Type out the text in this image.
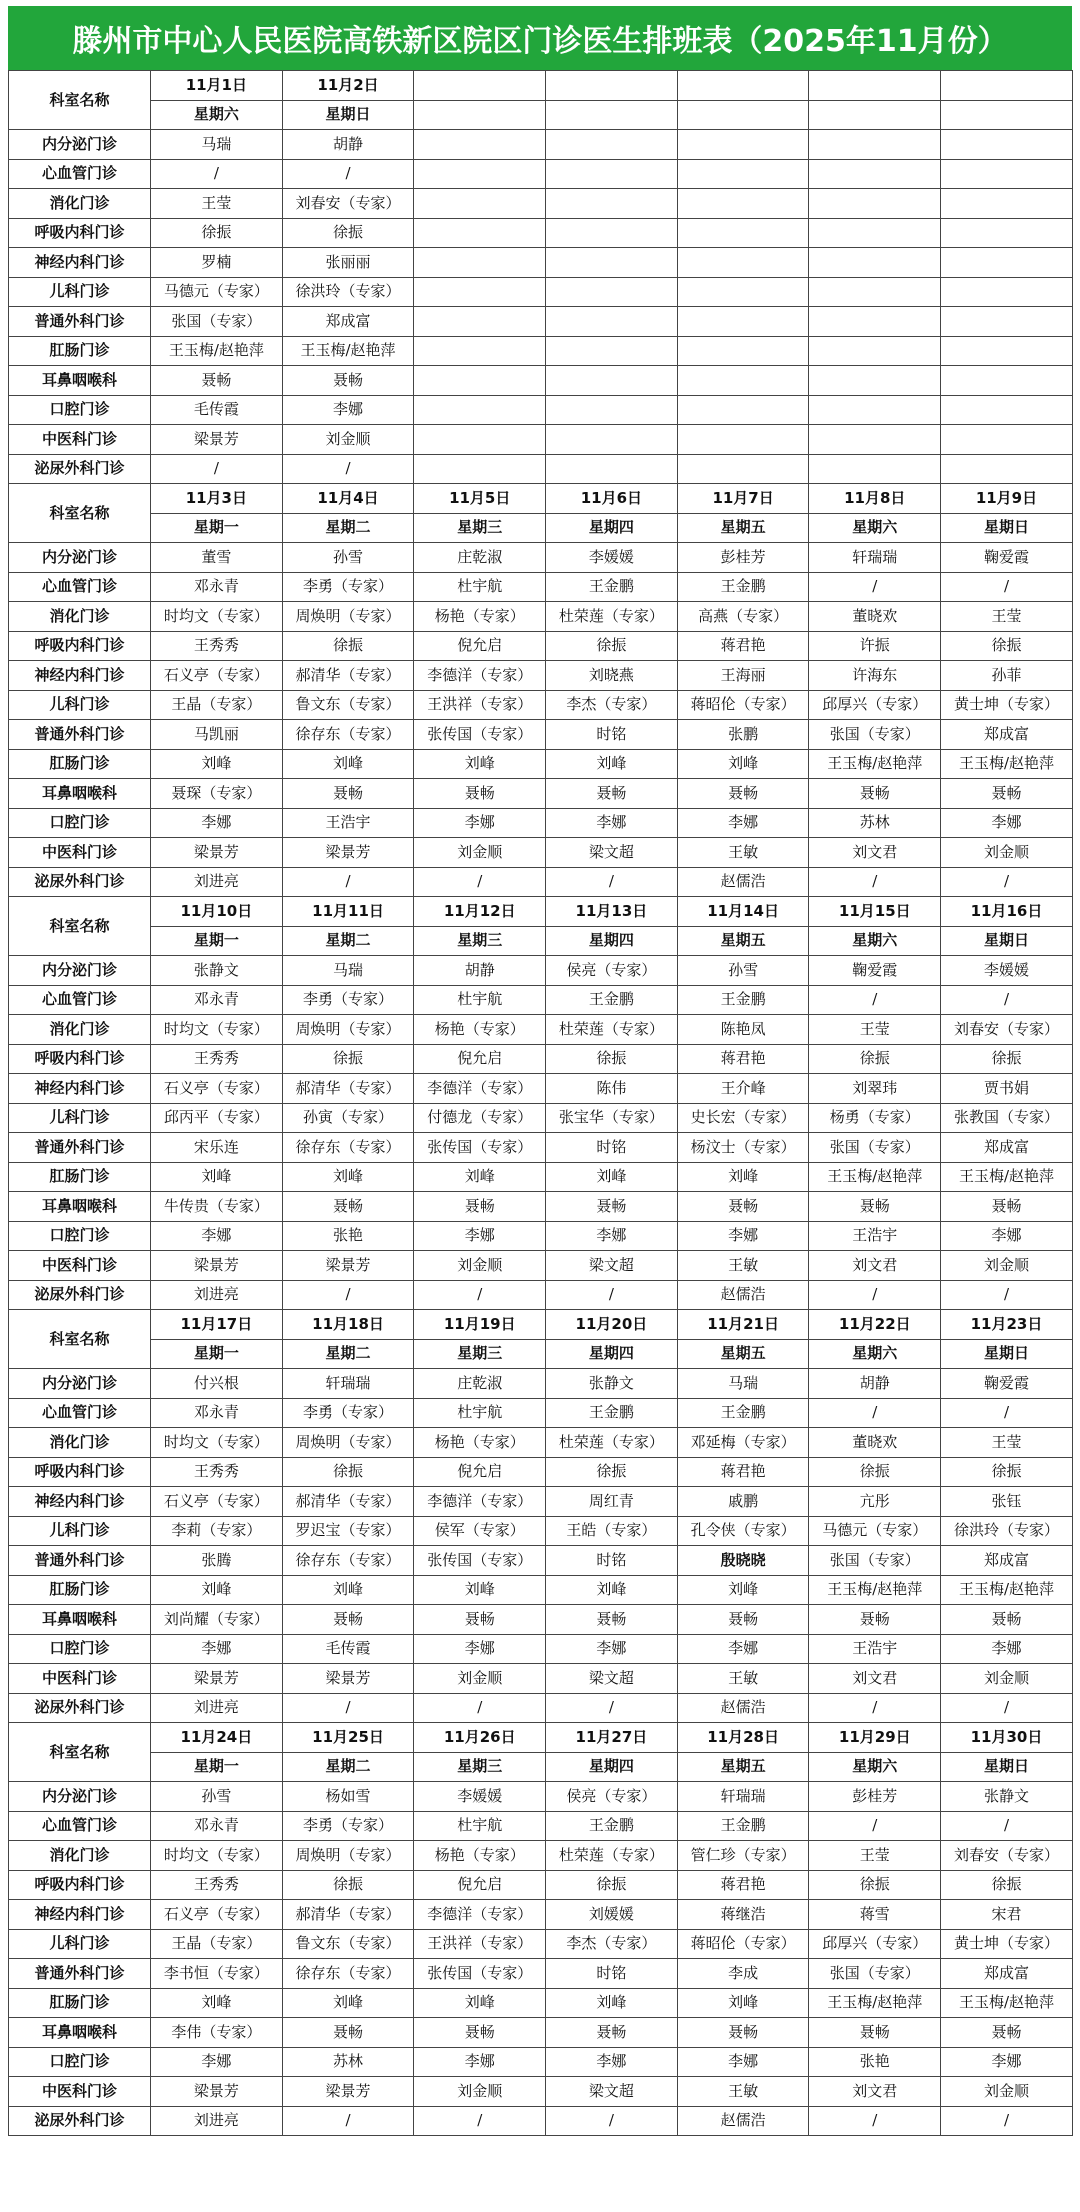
滕州市中心人民医院高铁新区院区门诊医生排班表（2025年11月份）
科室名称	11月1日	11月2日					
	星期六	星期日					
内分泌门诊	马瑞	胡静					
心血管门诊	/	/					
消化门诊	王莹	刘春安（专家）					
呼吸内科门诊	徐振	徐振					
神经内科门诊	罗楠	张丽丽					
儿科门诊	马德元（专家）	徐洪玲（专家）					
普通外科门诊	张国（专家）	郑成富					
肛肠门诊	王玉梅/赵艳萍	王玉梅/赵艳萍					
耳鼻咽喉科	聂畅	聂畅					
口腔门诊	毛传霞	李娜					
中医科门诊	梁景芳	刘金顺					
泌尿外科门诊	/	/					
科室名称	11月3日	11月4日	11月5日	11月6日	11月7日	11月8日	11月9日
	星期一	星期二	星期三	星期四	星期五	星期六	星期日
内分泌门诊	董雪	孙雪	庄乾淑	李媛媛	彭桂芳	轩瑞瑞	鞠爱霞
心血管门诊	邓永青	李勇（专家）	杜宇航	王金鹏	王金鹏	/	/
消化门诊	时均文（专家）	周焕明（专家）	杨艳（专家）	杜荣莲（专家）	高燕（专家）	董晓欢	王莹
呼吸内科门诊	王秀秀	徐振	倪允启	徐振	蒋君艳	许振	徐振
神经内科门诊	石义亭（专家）	郝清华（专家）	李德洋（专家）	刘晓燕	王海丽	许海东	孙菲
儿科门诊	王晶（专家）	鲁文东（专家）	王洪祥（专家）	李杰（专家）	蒋昭伦（专家）	邱厚兴（专家）	黄士坤（专家）
普通外科门诊	马凯丽	徐存东（专家）	张传国（专家）	时铭	张鹏	张国（专家）	郑成富
肛肠门诊	刘峰	刘峰	刘峰	刘峰	刘峰	王玉梅/赵艳萍	王玉梅/赵艳萍
耳鼻咽喉科	聂琛（专家）	聂畅	聂畅	聂畅	聂畅	聂畅	聂畅
口腔门诊	李娜	王浩宇	李娜	李娜	李娜	苏林	李娜
中医科门诊	梁景芳	梁景芳	刘金顺	梁文超	王敏	刘文君	刘金顺
泌尿外科门诊	刘进亮	/	/	/	赵儒浩	/	/
科室名称	11月10日	11月11日	11月12日	11月13日	11月14日	11月15日	11月16日
	星期一	星期二	星期三	星期四	星期五	星期六	星期日
内分泌门诊	张静文	马瑞	胡静	侯亮（专家）	孙雪	鞠爱霞	李媛媛
心血管门诊	邓永青	李勇（专家）	杜宇航	王金鹏	王金鹏	/	/
消化门诊	时均文（专家）	周焕明（专家）	杨艳（专家）	杜荣莲（专家）	陈艳凤	王莹	刘春安（专家）
呼吸内科门诊	王秀秀	徐振	倪允启	徐振	蒋君艳	徐振	徐振
神经内科门诊	石义亭（专家）	郝清华（专家）	李德洋（专家）	陈伟	王介峰	刘翠玮	贾书娟
儿科门诊	邱丙平（专家）	孙寅（专家）	付德龙（专家）	张宝华（专家）	史长宏（专家）	杨勇（专家）	张教国（专家）
普通外科门诊	宋乐连	徐存东（专家）	张传国（专家）	时铭	杨汶士（专家）	张国（专家）	郑成富
肛肠门诊	刘峰	刘峰	刘峰	刘峰	刘峰	王玉梅/赵艳萍	王玉梅/赵艳萍
耳鼻咽喉科	牛传贵（专家）	聂畅	聂畅	聂畅	聂畅	聂畅	聂畅
口腔门诊	李娜	张艳	李娜	李娜	李娜	王浩宇	李娜
中医科门诊	梁景芳	梁景芳	刘金顺	梁文超	王敏	刘文君	刘金顺
泌尿外科门诊	刘进亮	/	/	/	赵儒浩	/	/
科室名称	11月17日	11月18日	11月19日	11月20日	11月21日	11月22日	11月23日
	星期一	星期二	星期三	星期四	星期五	星期六	星期日
内分泌门诊	付兴根	轩瑞瑞	庄乾淑	张静文	马瑞	胡静	鞠爱霞
心血管门诊	邓永青	李勇（专家）	杜宇航	王金鹏	王金鹏	/	/
消化门诊	时均文（专家）	周焕明（专家）	杨艳（专家）	杜荣莲（专家）	邓延梅（专家）	董晓欢	王莹
呼吸内科门诊	王秀秀	徐振	倪允启	徐振	蒋君艳	徐振	徐振
神经内科门诊	石义亭（专家）	郝清华（专家）	李德洋（专家）	周红青	戚鹏	亢彤	张钰
儿科门诊	李莉（专家）	罗迟宝（专家）	侯军（专家）	王皓（专家）	孔令侠（专家）	马德元（专家）	徐洪玲（专家）
普通外科门诊	张腾	徐存东（专家）	张传国（专家）	时铭	殷晓晓	张国（专家）	郑成富
肛肠门诊	刘峰	刘峰	刘峰	刘峰	刘峰	王玉梅/赵艳萍	王玉梅/赵艳萍
耳鼻咽喉科	刘尚耀（专家）	聂畅	聂畅	聂畅	聂畅	聂畅	聂畅
口腔门诊	李娜	毛传霞	李娜	李娜	李娜	王浩宇	李娜
中医科门诊	梁景芳	梁景芳	刘金顺	梁文超	王敏	刘文君	刘金顺
泌尿外科门诊	刘进亮	/	/	/	赵儒浩	/	/
科室名称	11月24日	11月25日	11月26日	11月27日	11月28日	11月29日	11月30日
	星期一	星期二	星期三	星期四	星期五	星期六	星期日
内分泌门诊	孙雪	杨如雪	李媛媛	侯亮（专家）	轩瑞瑞	彭桂芳	张静文
心血管门诊	邓永青	李勇（专家）	杜宇航	王金鹏	王金鹏	/	/
消化门诊	时均文（专家）	周焕明（专家）	杨艳（专家）	杜荣莲（专家）	管仁珍（专家）	王莹	刘春安（专家）
呼吸内科门诊	王秀秀	徐振	倪允启	徐振	蒋君艳	徐振	徐振
神经内科门诊	石义亭（专家）	郝清华（专家）	李德洋（专家）	刘媛媛	蒋继浩	蒋雪	宋君
儿科门诊	王晶（专家）	鲁文东（专家）	王洪祥（专家）	李杰（专家）	蒋昭伦（专家）	邱厚兴（专家）	黄士坤（专家）
普通外科门诊	李书恒（专家）	徐存东（专家）	张传国（专家）	时铭	李成	张国（专家）	郑成富
肛肠门诊	刘峰	刘峰	刘峰	刘峰	刘峰	王玉梅/赵艳萍	王玉梅/赵艳萍
耳鼻咽喉科	李伟（专家）	聂畅	聂畅	聂畅	聂畅	聂畅	聂畅
口腔门诊	李娜	苏林	李娜	李娜	李娜	张艳	李娜
中医科门诊	梁景芳	梁景芳	刘金顺	梁文超	王敏	刘文君	刘金顺
泌尿外科门诊	刘进亮	/	/	/	赵儒浩	/	/
